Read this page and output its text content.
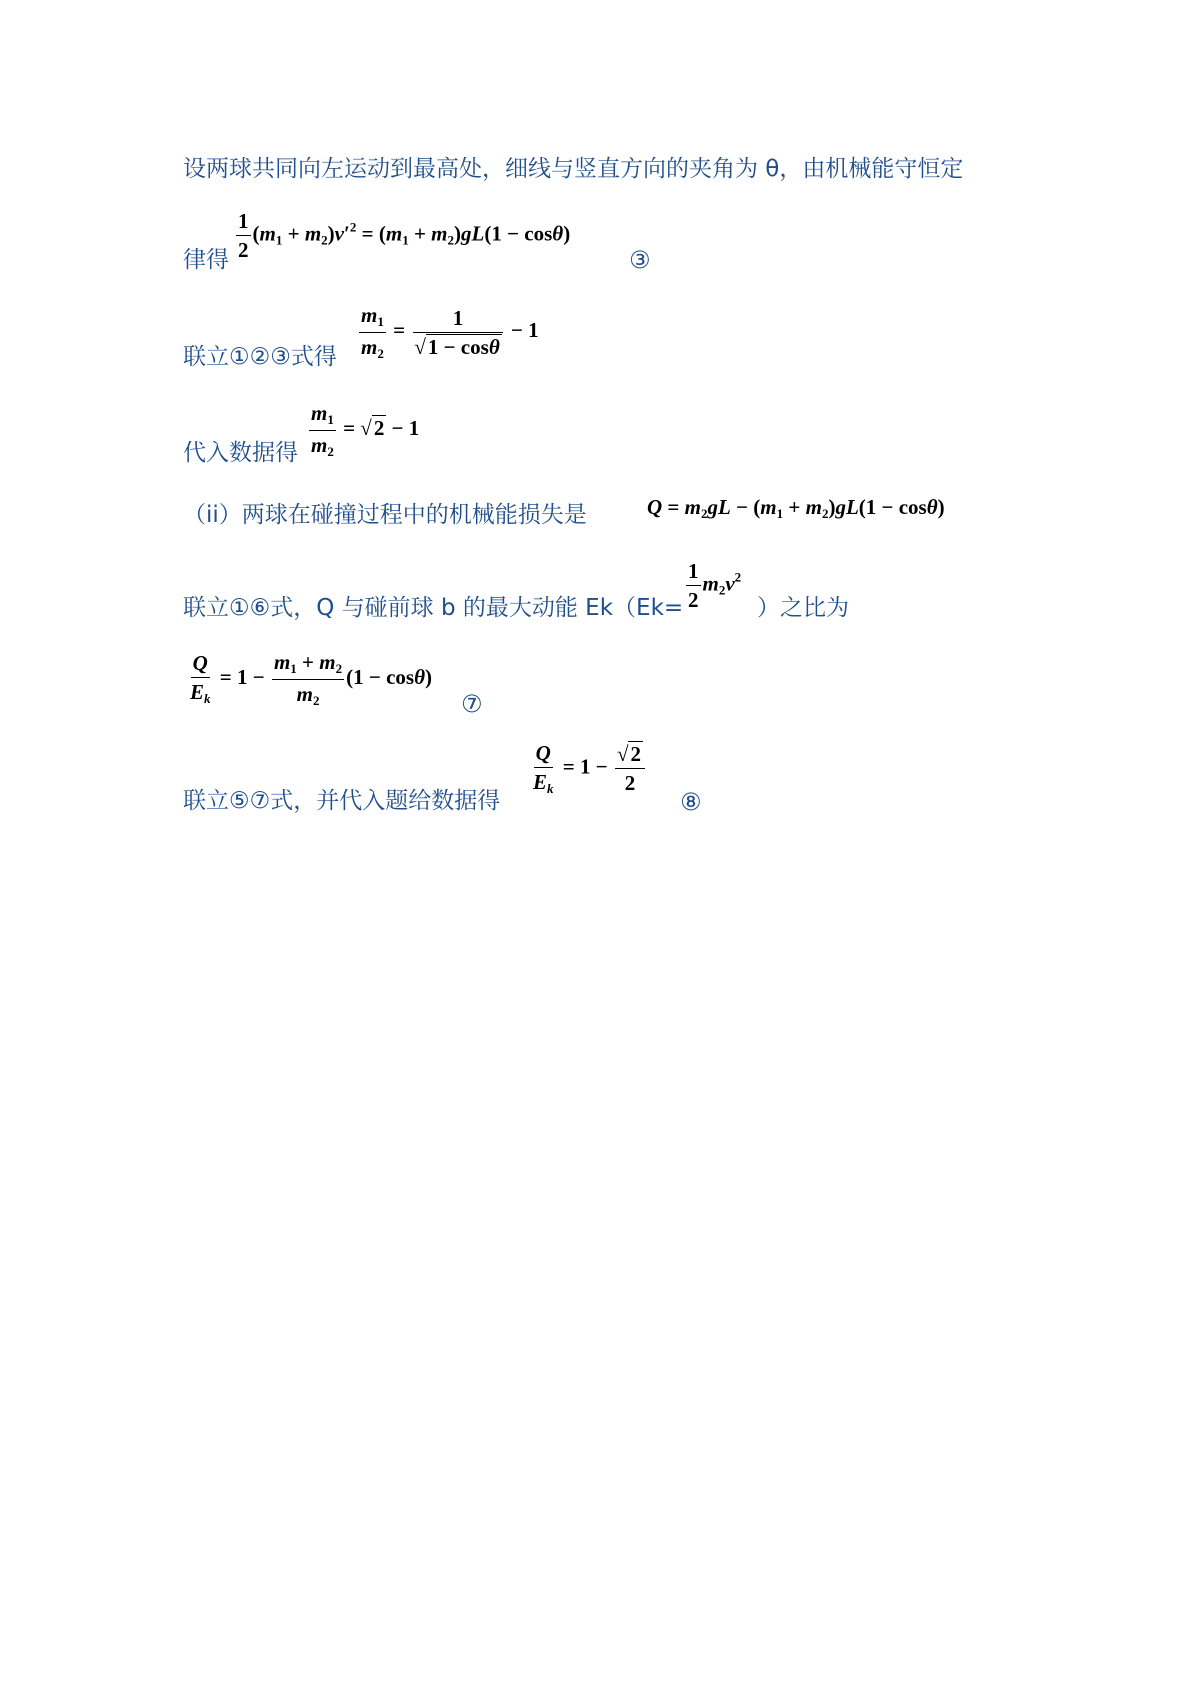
设两球共同向左运动到最高处，细线与竖直方向的夹角为 θ，由机械能守恒定
$\frac{1}{2} (m_1 + m_2)v'^2 = (m_1 + m_2)gL(1 - \cos\theta)$
律得	③
联立①②③式得 $\frac{m_1}{m_2} = \frac{1}{√1 - \cos\theta} - 1$
代入数据得 $\frac{m_1}{m_2} = √2 - 1$
（ii）两球在碰撞过程中的机械能损失是	$Q = m_2gL - (m_1 + m_2)gL(1 - \cos\theta)$
联立①⑥式，Q 与碰前球 b 的最大动能 $Ek(Ek= \frac{1}{2} m_2v^2$
）之比为
$\frac{Q}{E_k} = 1 - \frac{m_1 + m_2}{m_2} (1 - \cos\theta)$
⑦
联立⑤⑦式，并代入题给数据得
$\frac{Q}{E_k} = 1 - \frac{√2}{2}$
⑧
